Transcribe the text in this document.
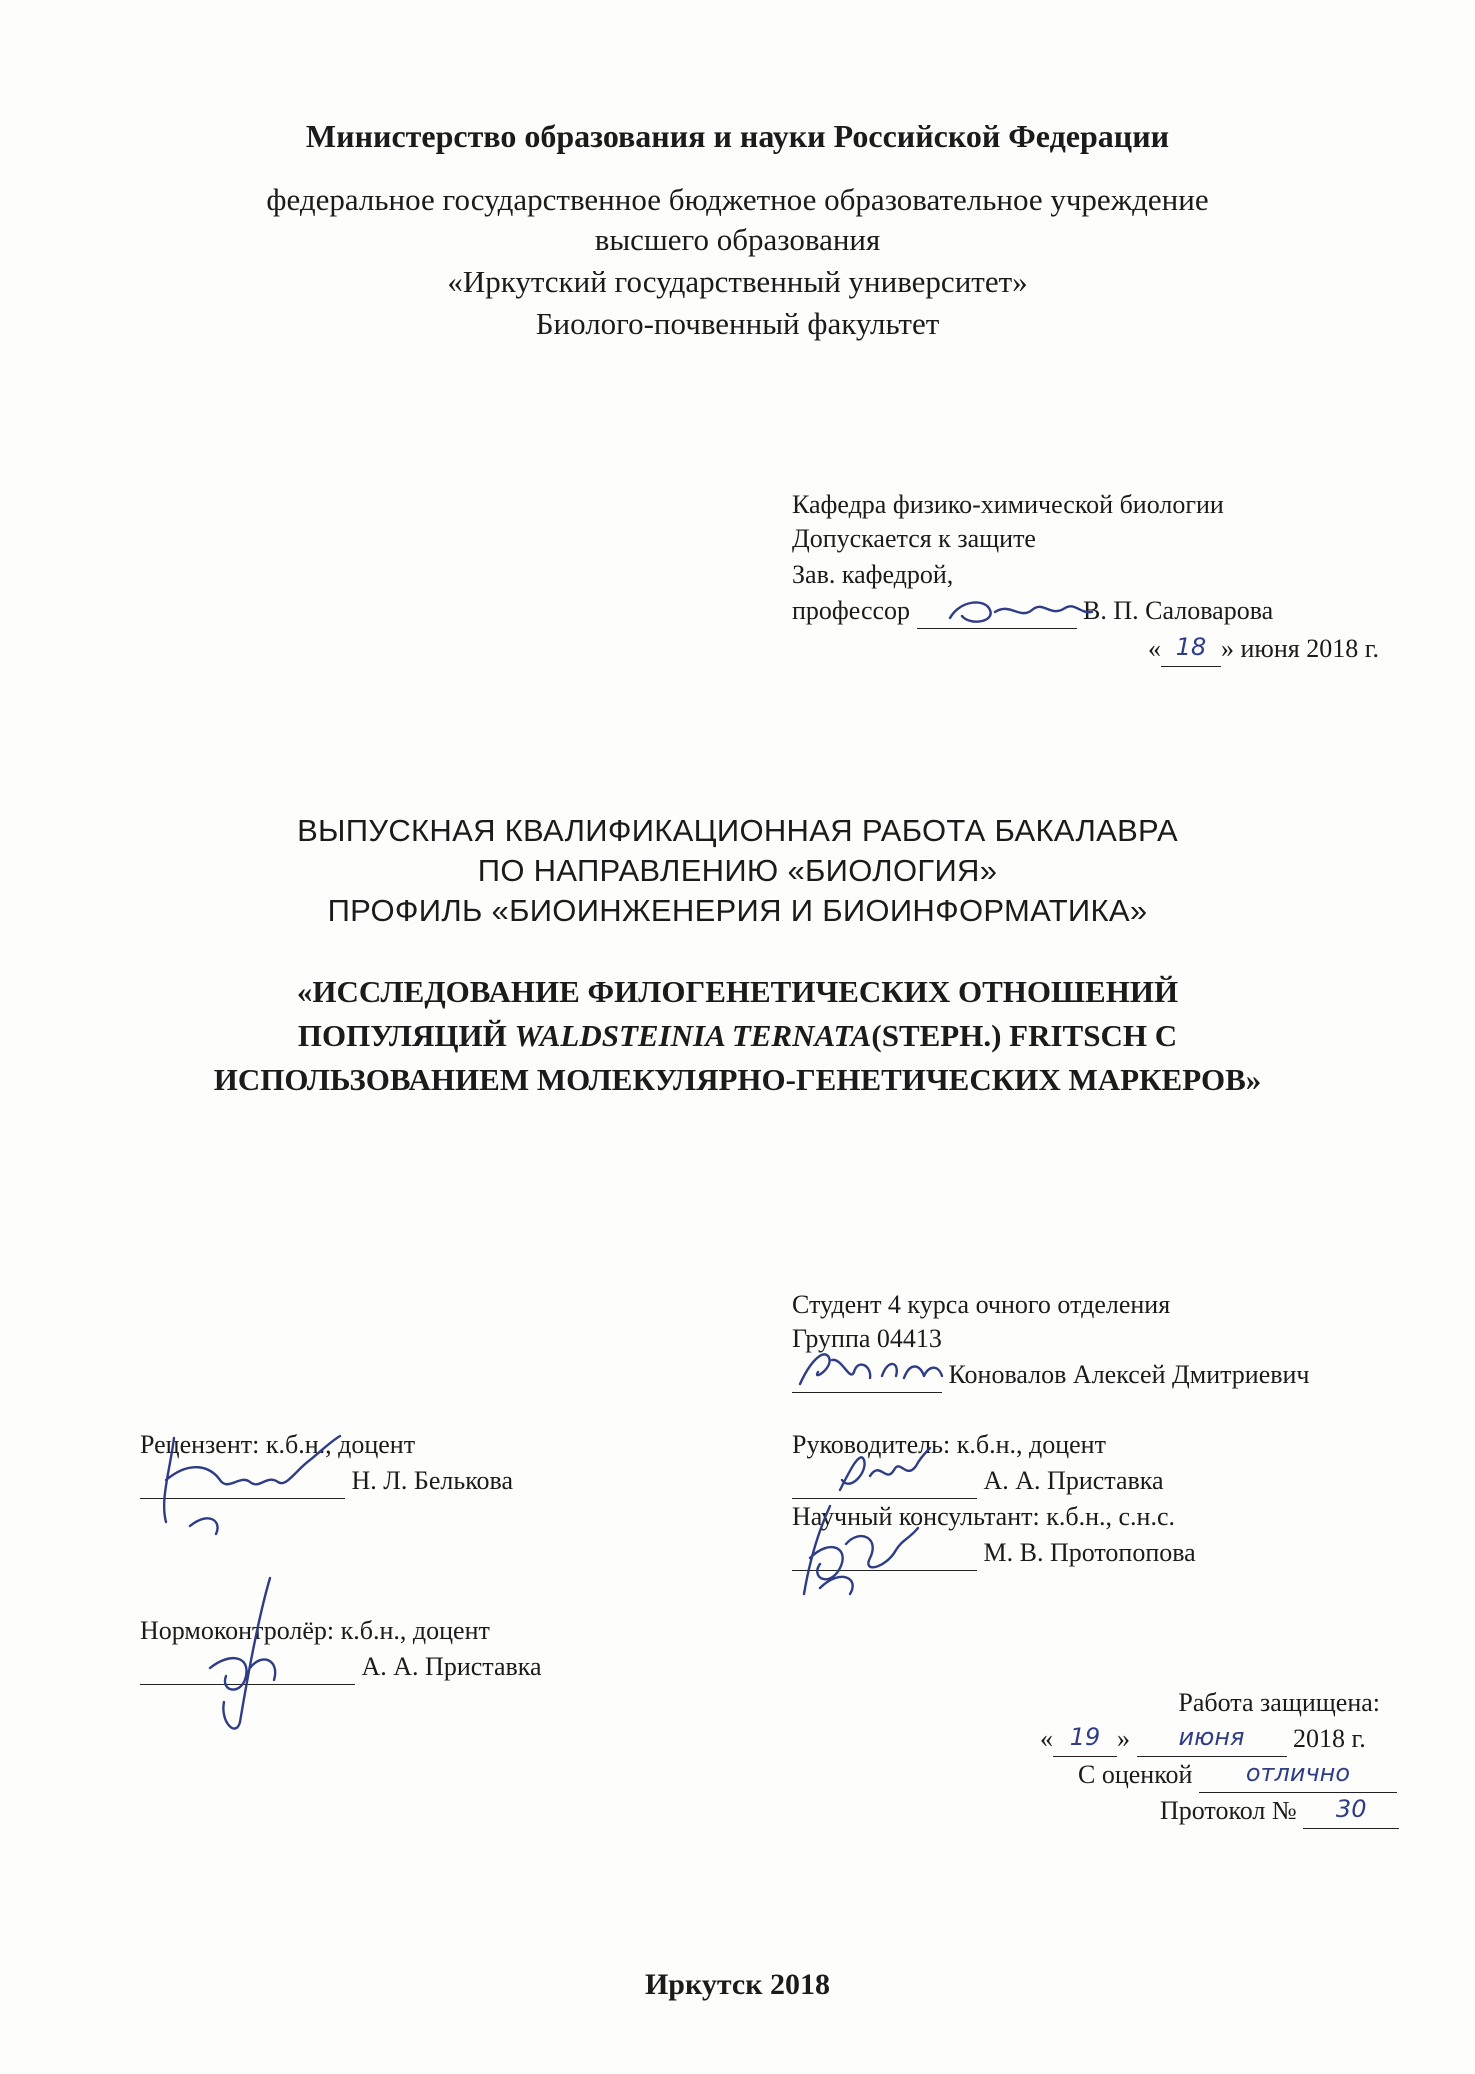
Министерство образования и науки Российской Федерации
федеральное государственное бюджетное образовательное учреждение
высшего образования
«Иркутский государственный университет»
Биолого-почвенный факультет
Кафедра физико-химической биологии
Допускается к защите
Зав. кафедрой,
профессор	В. П. Саловарова
« 18 » июня 2018 г.
ВЫПУСКНАЯ КВАЛИФИКАЦИОННАЯ РАБОТА БАКАЛАВРА
ПО НАПРАВЛЕНИЮ «БИОЛОГИЯ»
ПРОФИЛЬ «БИОИНЖЕНЕРИЯ И БИОИНФОРМАТИКА»
«ИССЛЕДОВАНИЕ ФИЛОГЕНЕТИЧЕСКИХ ОТНОШЕНИЙ
ПОПУЛЯЦИЙ WALDSTEINIA TERNATA(STEPH.) FRITSCH С
ИСПОЛЬЗОВАНИЕМ МОЛЕКУЛЯРНО-ГЕНЕТИЧЕСКИХ МАРКЕРОВ»
Студент 4 курса очного отделения
Группа 04413
Коновалов Алексей Дмитриевич
Руководитель: к.б.н., доцент
А. А. Приставка
Научный консультант: к.б.н., с.н.с.
М. В. Протопопова
Рецензент: к.б.н., доцент
Н. Л. Белькова
Нормоконтролёр: к.б.н., доцент
А. А. Приставка
Работа защищена:
« 19 »	июня	2018 г.
С оценкой	отлично

Протокол №	30

Иркутск 2018
